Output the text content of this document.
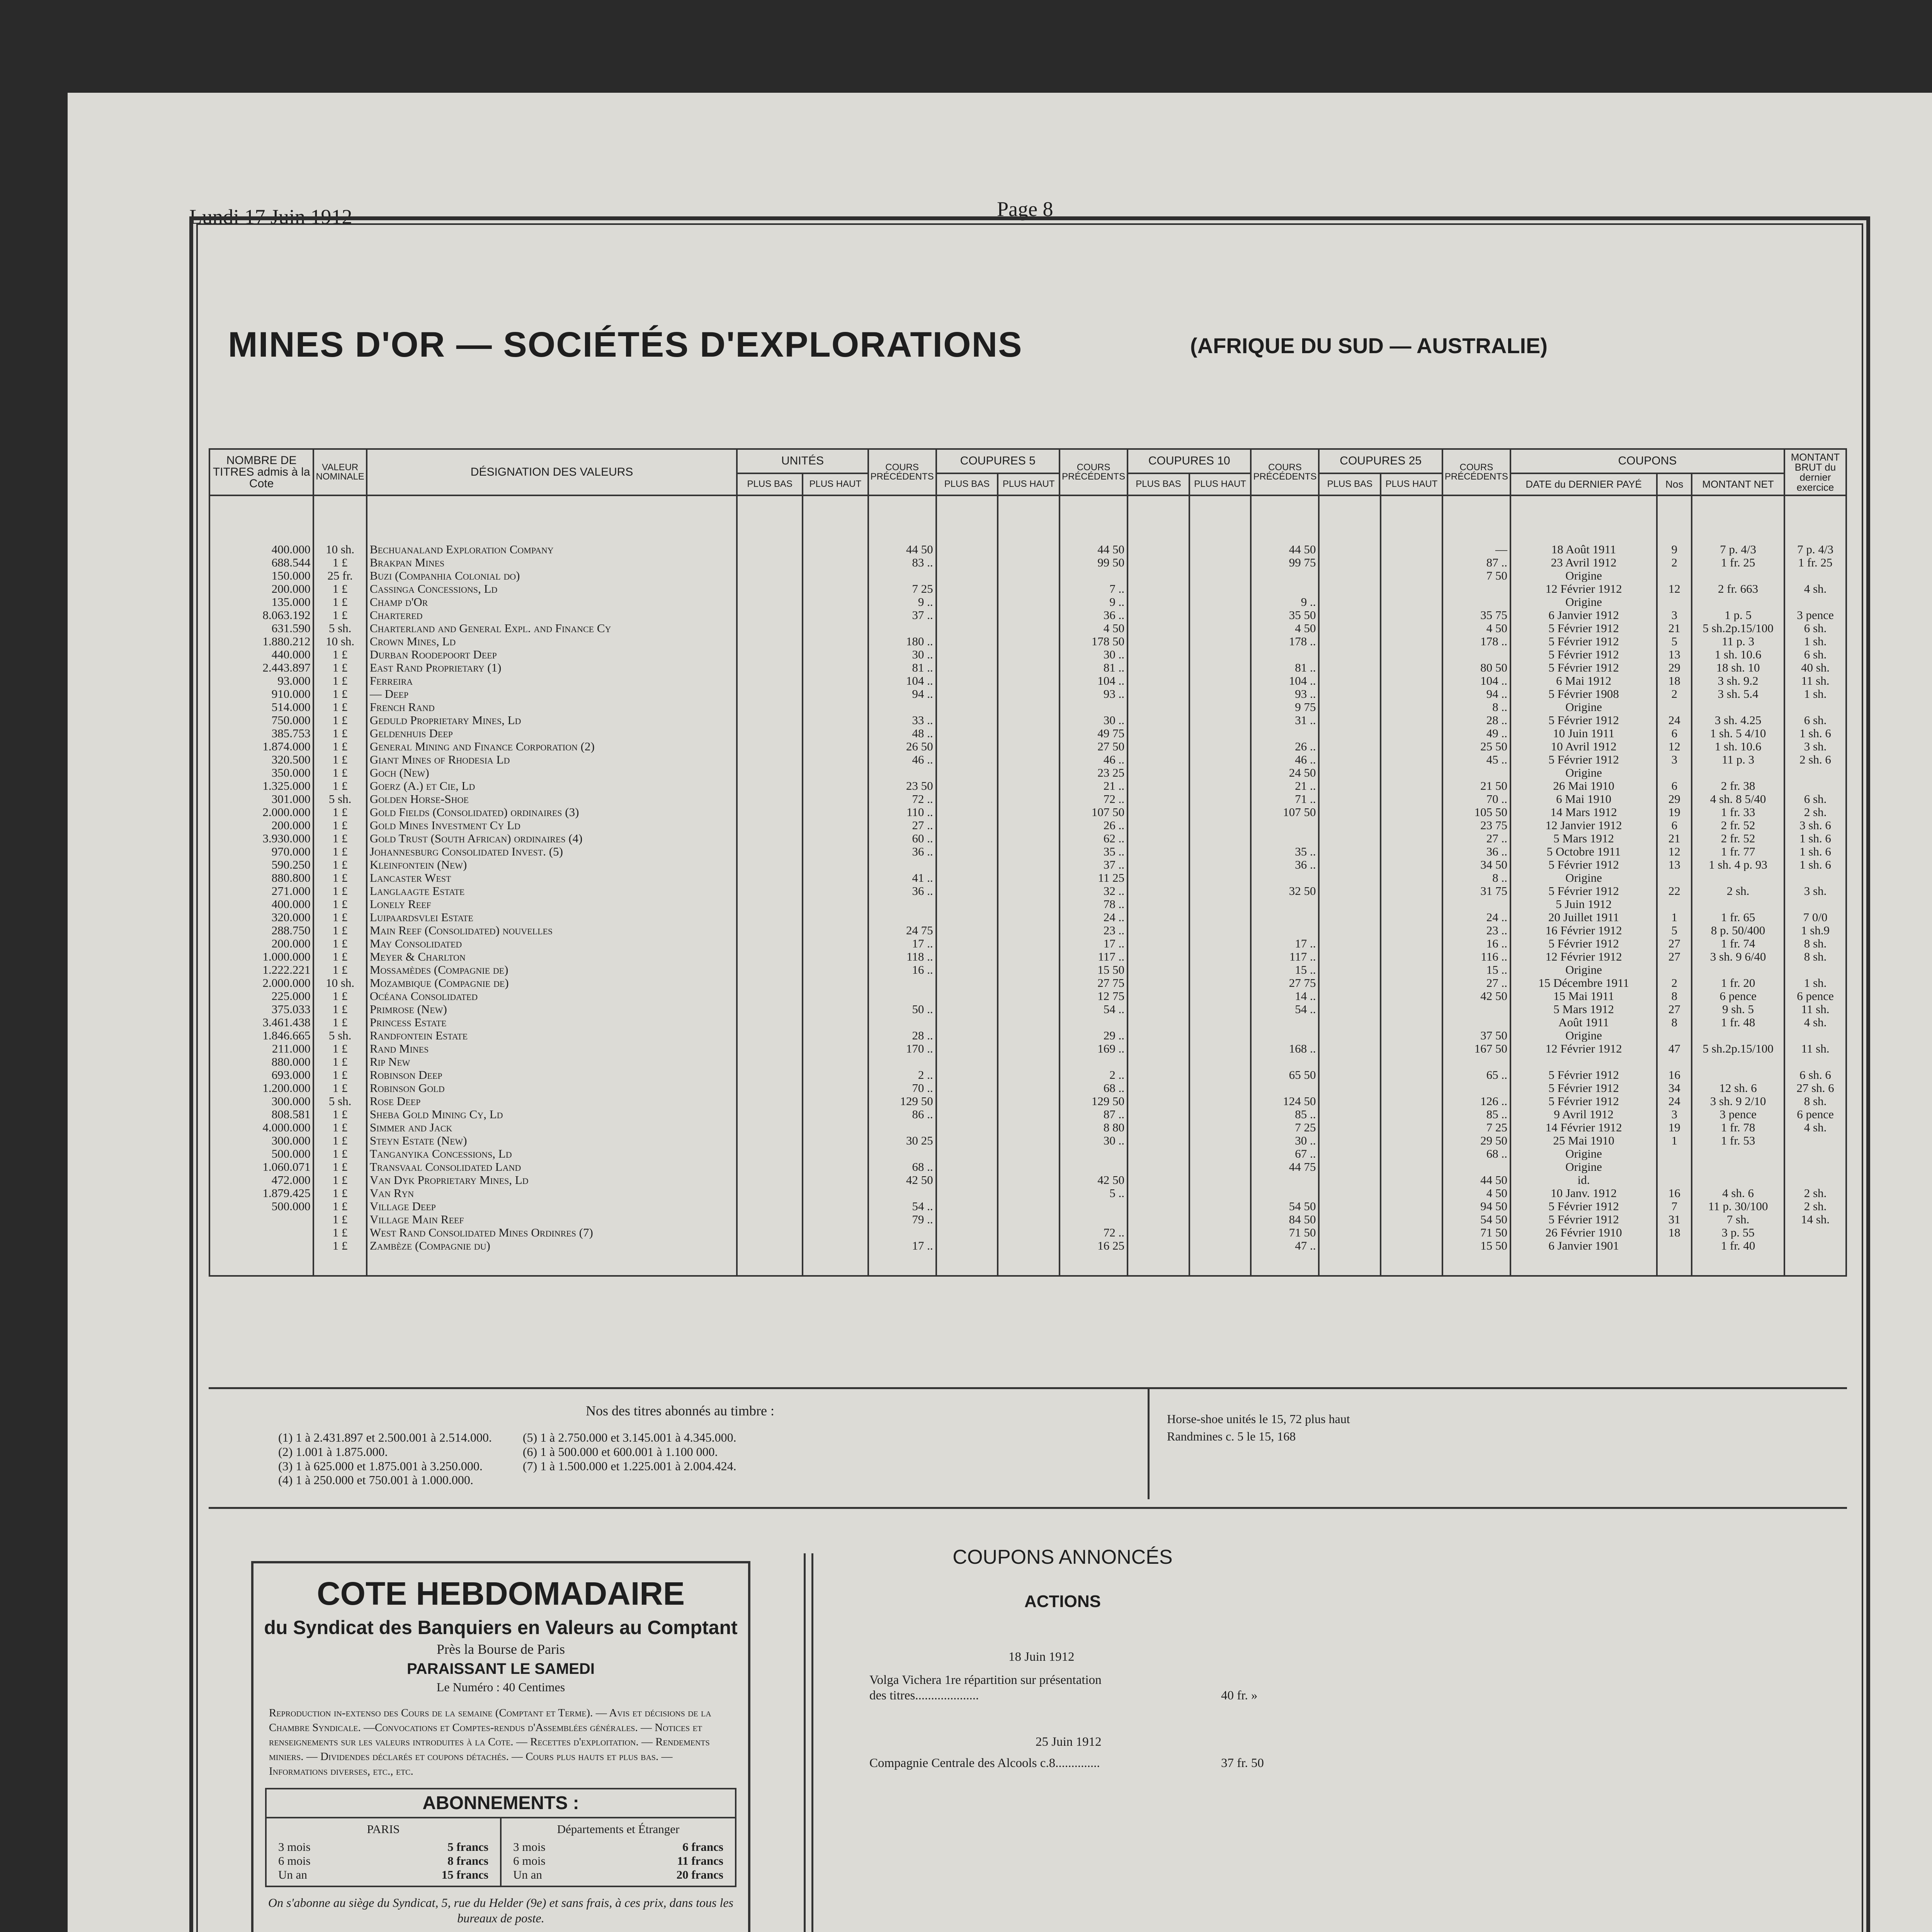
Lundi 17 Juin 1912	Page 8
MINES D'OR — SOCIÉTÉS D'EXPLORATIONS	(AFRIQUE DU SUD — AUSTRALIE)
NOMBRE DE TITRES admis à la Cote	VALEUR NOMINALE	DÉSIGNATION DES VALEURS	UNITÉS		COURS PRÉCÉDENTS	COUPURES 5		COURS PRÉCÉDENTS	COUPURES 10		COURS PRÉCÉDENTS	COUPURES 25		COURS PRÉCÉDENTS	COUPONS			MONTANT BRUT du dernier exercice
			PLUS BAS	PLUS HAUT		PLUS BAS	PLUS HAUT		PLUS BAS	PLUS HAUT		PLUS BAS	PLUS HAUT		DATE du DERNIER PAYÉ	Nos	MONTANT NET	

400.000	10 sh.	Bechuanaland Exploration Company			44 50			44 50			44 50			—	18 Août 1911	9	7 p. 4/3	7 p. 4/3
688.544	1 £	Brakpan Mines			83 ..			99 50			99 75			87 ..	23 Avril 1912	2	1 fr. 25	1 fr. 25
150.000	25 fr.	Buzi (Companhia Colonial do)												7 50	Origine			
200.000	1 £	Cassinga Concessions, Ld			7 25			7 ..							12 Février 1912	12	2 fr. 663	4 sh.
135.000	1 £	Champ d'Or			9 ..			9 ..			9 ..				Origine			
8.063.192	1 £	Chartered			37 ..			36 ..			35 50			35 75	6 Janvier 1912	3	1 p. 5	3 pence
631.590	5 sh.	Charterland and General Expl. and Finance Cy						4 50			4 50			4 50	5 Février 1912	21	5 sh.2p.15/100	6 sh.
1.880.212	10 sh.	Crown Mines, Ld			180 ..			178 50			178 ..			178 ..	5 Février 1912	5	11 p. 3	1 sh.
440.000	1 £	Durban Roodepoort Deep			30 ..			30 ..							5 Février 1912	13	1 sh. 10.6	6 sh.
2.443.897	1 £	East Rand Proprietary (1)			81 ..			81 ..			81 ..			80 50	5 Février 1912	29	18 sh. 10	40 sh.
93.000	1 £	Ferreira			104 ..			104 ..			104 ..			104 ..	6 Mai 1912	18	3 sh. 9.2	11 sh.
910.000	1 £	— Deep			94 ..			93 ..			93 ..			94 ..	5 Février 1908	2	3 sh. 5.4	1 sh.
514.000	1 £	French Rand									9 75			8 ..	Origine			
750.000	1 £	Geduld Proprietary Mines, Ld			33 ..			30 ..			31 ..			28 ..	5 Février 1912	24	3 sh. 4.25	6 sh.
385.753	1 £	Geldenhuis Deep			48 ..			49 75						49 ..	10 Juin 1911	6	1 sh. 5 4/10	1 sh. 6
1.874.000	1 £	General Mining and Finance Corporation (2)			26 50			27 50			26 ..			25 50	10 Avril 1912	12	1 sh. 10.6	3 sh.
320.500	1 £	Giant Mines of Rhodesia Ld			46 ..			46 ..			46 ..			45 ..	5 Février 1912	3	11 p. 3	2 sh. 6
350.000	1 £	Goch (New)						23 25			24 50				Origine			
1.325.000	1 £	Goerz (A.) et Cie, Ld			23 50			21 ..			21 ..			21 50	26 Mai 1910	6	2 fr. 38	
301.000	5 sh.	Golden Horse-Shoe			72 ..			72 ..			71 ..			70 ..	6 Mai 1910	29	4 sh. 8 5/40	6 sh.
2.000.000	1 £	Gold Fields (Consolidated) ordinaires (3)			110 ..			107 50			107 50			105 50	14 Mars 1912	19	1 fr. 33	2 sh.
200.000	1 £	Gold Mines Investment Cy Ld			27 ..			26 ..						23 75	12 Janvier 1912	6	2 fr. 52	3 sh. 6
3.930.000	1 £	Gold Trust (South African) ordinaires (4)			60 ..			62 ..						27 ..	5 Mars 1912	21	2 fr. 52	1 sh. 6
970.000	1 £	Johannesburg Consolidated Invest. (5)			36 ..			35 ..			35 ..			36 ..	5 Octobre 1911	12	1 fr. 77	1 sh. 6
590.250	1 £	Kleinfontein (New)						37 ..			36 ..			34 50	5 Février 1912	13	1 sh. 4 p. 93	1 sh. 6
880.800	1 £	Lancaster West			41 ..			11 25						8 ..	Origine			
271.000	1 £	Langlaagte Estate			36 ..			32 ..			32 50			31 75	5 Février 1912	22	2 sh.	3 sh.
400.000	1 £	Lonely Reef						78 ..							5 Juin 1912			
320.000	1 £	Luipaardsvlei Estate						24 ..						24 ..	20 Juillet 1911	1	1 fr. 65	7 0/0
288.750	1 £	Main Reef (Consolidated) nouvelles			24 75			23 ..						23 ..	16 Février 1912	5	8 p. 50/400	1 sh.9
200.000	1 £	May Consolidated			17 ..			17 ..			17 ..			16 ..	5 Février 1912	27	1 fr. 74	8 sh.
1.000.000	1 £	Meyer & Charlton			118 ..			117 ..			117 ..			116 ..	12 Février 1912	27	3 sh. 9 6/40	8 sh.
1.222.221	1 £	Mossamèdes (Compagnie de)			16 ..			15 50			15 ..			15 ..	Origine			
2.000.000	10 sh.	Mozambique (Compagnie de)						27 75			27 75			27 ..	15 Décembre 1911	2	1 fr. 20	1 sh.
225.000	1 £	Océana Consolidated						12 75			14 ..			42 50	15 Mai 1911	8	6 pence	6 pence
375.033	1 £	Primrose (New)			50 ..			54 ..			54 ..				5 Mars 1912	27	9 sh. 5	11 sh.
3.461.438	1 £	Princess Estate													Août 1911	8	1 fr. 48	4 sh.
1.846.665	5 sh.	Randfontein Estate			28 ..			29 ..						37 50	Origine			
211.000	1 £	Rand Mines			170 ..			169 ..			168 ..			167 50	12 Février 1912	47	5 sh.2p.15/100	11 sh.
880.000	1 £	Rip New																
693.000	1 £	Robinson Deep			2 ..			2 ..			65 50			65 ..	5 Février 1912	16		6 sh. 6
1.200.000	1 £	Robinson Gold			70 ..			68 ..							5 Février 1912	34	12 sh. 6	27 sh. 6
300.000	5 sh.	Rose Deep			129 50			129 50			124 50			126 ..	5 Février 1912	24	3 sh. 9 2/10	8 sh.
808.581	1 £	Sheba Gold Mining Cy, Ld			86 ..			87 ..			85 ..			85 ..	9 Avril 1912	3	3 pence	6 pence
4.000.000	1 £	Simmer and Jack						8 80			7 25			7 25	14 Février 1912	19	1 fr. 78	4 sh.
300.000	1 £	Steyn Estate (New)			30 25			30 ..			30 ..			29 50	25 Mai 1910	1	1 fr. 53	
500.000	1 £	Tanganyika Concessions, Ld									67 ..			68 ..	Origine			
1.060.071	1 £	Transvaal Consolidated Land			68 ..						44 75				Origine			
472.000	1 £	Van Dyk Proprietary Mines, Ld			42 50			42 50						44 50	id.			
1.879.425	1 £	Van Ryn						5 ..						4 50	10 Janv. 1912	16	4 sh. 6	2 sh.
500.000	1 £	Village Deep			54 ..						54 50			94 50	5 Février 1912	7	11 p. 30/100	2 sh.
	1 £	Village Main Reef			79 ..						84 50			54 50	5 Février 1912	31	7 sh.	14 sh.
	1 £	West Rand Consolidated Mines Ordinres (7)						72 ..			71 50			71 50	26 Février 1910	18	3 p. 55	
	1 £	Zambèze (Compagnie du)			17 ..			16 25			47 ..			15 50	6 Janvier 1901		1 fr. 40	

Nos des titres abonnés au timbre :
(1) 1 à 2.431.897 et 2.500.001 à 2.514.000.
(2) 1.001 à 1.875.000.
(3) 1 à 625.000 et 1.875.001 à 3.250.000.
(4) 1 à 250.000 et 750.001 à 1.000.000.
(5) 1 à 2.750.000 et 3.145.001 à 4.345.000.
(6) 1 à 500.000 et 600.001 à 1.100 000.
(7) 1 à 1.500.000 et 1.225.001 à 2.004.424.
Horse-shoe unités le 15, 72 plus haut
Randmines c. 5 le 15, 168
COTE HEBDOMADAIRE
du Syndicat des Banquiers en Valeurs au Comptant
Près la Bourse de Paris
PARAISSANT LE SAMEDI
Le Numéro : 40 Centimes
Reproduction in-extenso des Cours de la semaine (Comptant et Terme). — Avis et décisions de la Chambre Syndicale. —Convocations et Comptes-rendus d'Assemblées générales. — Notices et renseignements sur les valeurs introduites à la Cote. — Recettes d'exploitation. — Rendements miniers. — Dividendes déclarés et coupons détachés. — Cours plus hauts et plus bas. — Informations diverses, etc., etc.
ABONNEMENTS :
PARIS
3 mois	5 francs
6 mois	8 francs
Un an	15 francs
Départements et Étranger
3 mois	6 francs
6 mois	11 francs
Un an	20 francs
On s'abonne au siège du Syndicat, 5, rue du Helder (9e) et sans frais, à ces prix, dans tous les bureaux de poste.
COUPONS ANNONCÉS
ACTIONS
18 Juin 1912
Volga Vichera 1re répartition sur présentation
des titres....................	40 fr. »
25 Juin 1912
Compagnie Centrale des Alcools c.8..............	37 fr. 50
